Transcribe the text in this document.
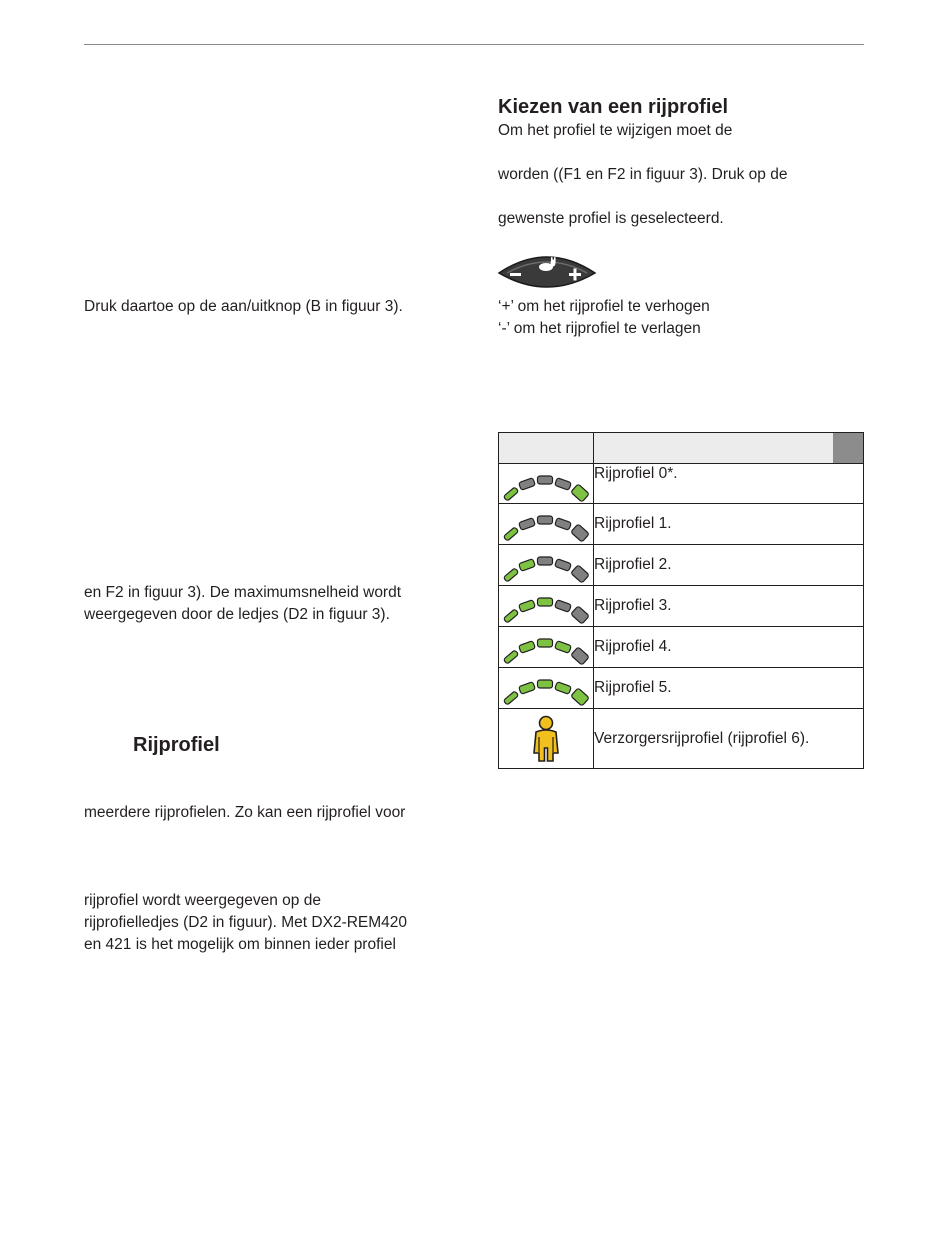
Druk daartoe op de aan/uitknop (B in figuur 3).
en F2 in figuur 3). De maximumsnelheid wordt
weergegeven door de ledjes (D2 in figuur 3).
Rijprofiel
meerdere rijprofielen. Zo kan een rijprofiel voor
rijprofiel wordt weergegeven op de
rijprofielledjes (D2 in figuur). Met DX2-REM420
en 421 is het mogelijk om binnen ieder profiel
Kiezen van een rijprofiel
Om het profiel te wijzigen moet de
worden ((F1 en F2 in figuur 3). Druk op de
gewenste profiel is geselecteerd.
‘+’ om het rijprofiel te verhogen
‘-’ om het rijprofiel te verlagen

	Rijprofiel 0*.

	Rijprofiel 1.

	Rijprofiel 2.

	Rijprofiel 3.

	Rijprofiel 4.

	Rijprofiel 5.

	Verzorgersrijprofiel (rijprofiel 6).
